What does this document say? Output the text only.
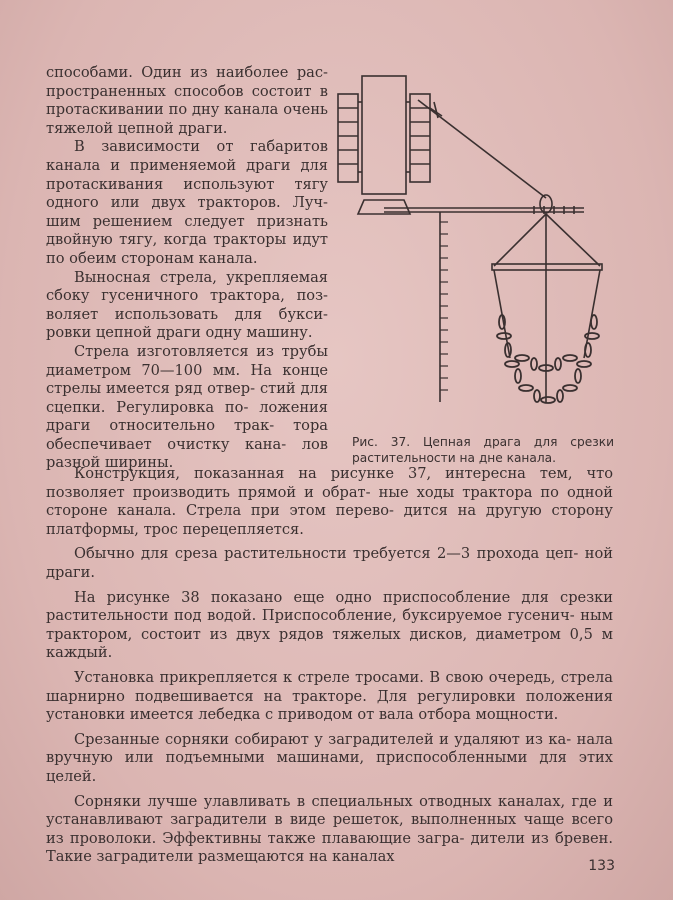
способами. Один из наиболее рас- пространенных способов состоит в протаскивании по дну канала очень тяжелой цепной драги.

В зависимости от габаритов канала и применяемой драги для протаскивания используют тягу одного или двух тракторов. Луч- шим решением следует признать двойную тягу, когда тракторы идут по обеим сторонам канала.

Выносная стрела, укрепляемая сбоку гусеничного трактора, поз- воляет использовать для букси- ровки цепной драги одну машину.

Стрела изготовляется из трубы диаметром 70—100 мм. На конце стрелы имеется ряд отвер- стий для сцепки. Регулировка по- ложения драги относительно трак- тора обеспечивает очистку кана- лов разной ширины.

Рис. 37. Цепная драга для срезки растительности на дне канала.

Конструкция, показанная на рисунке 37, интересна тем, что позволяет производить прямой и обрат- ные ходы трактора по одной стороне канала. Стрела при этом перево- дится на другую сторону платформы, трос перецепляется.

Обычно для среза растительности требуется 2—3 прохода цеп- ной драги.

На рисунке 38 показано еще одно приспособление для срезки растительности под водой. Приспособление, буксируемое гусенич- ным трактором, состоит из двух рядов тяжелых дисков, диаметром 0,5 м каждый.

Установка прикрепляется к стреле тросами. В свою очередь, стрела шарнирно подвешивается на тракторе. Для регулировки положения установки имеется лебедка с приводом от вала отбора мощности.

Срезанные сорняки собирают у заградителей и удаляют из ка- нала вручную или подъемными машинами, приспособленными для этих целей.

Сорняки лучше улавливать в специальных отводных каналах, где и устанавливают заградители в виде решеток, выполненных чаще всего из проволоки. Эффективны также плавающие загра- дители из бревен. Такие заградители размещаются на каналах

133
